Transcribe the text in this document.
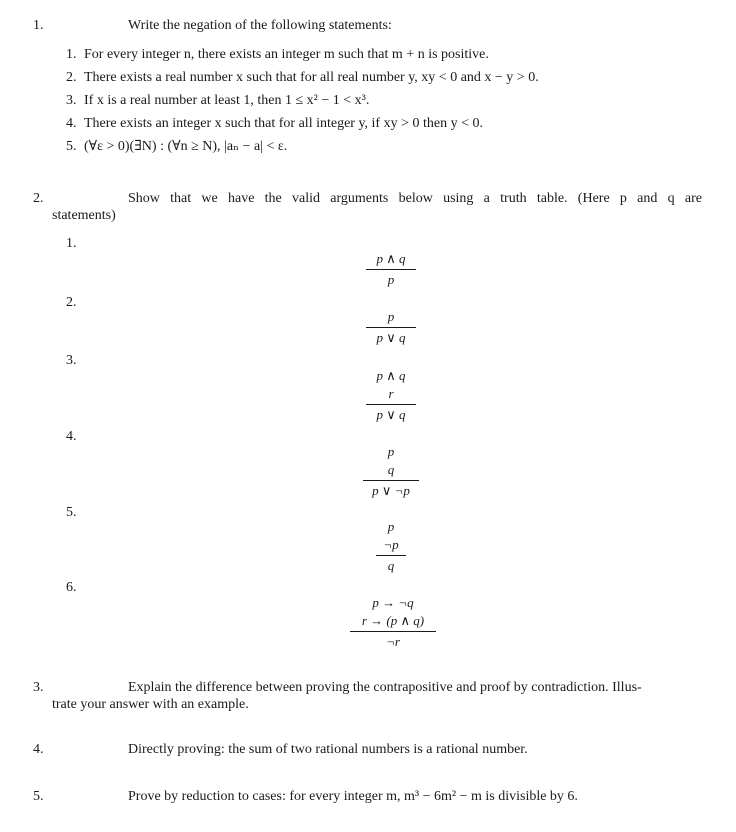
1.	Write the negation of the following statements:
1. For every integer n, there exists an integer m such that m + n is positive.
2. There exists a real number x such that for all real number y, xy < 0 and x − y > 0.
3. If x is a real number at least 1, then 1 ≤ x² − 1 < x³.
4. There exists an integer x such that for all integer y, if xy > 0 then y < 0.
5. (∀ε > 0)(∃N) : (∀n ≥ N), |aₙ − a| < ε.
2.	Show that we have the valid arguments below using a truth table. (Here p and q are
statements)
1.
p ∧ q
p
2.
p
p ∨ q
3.
p ∧ q
r
p ∨ q
4.
p
q
p ∨ ¬p
5.
p
¬p
q
6.
p → ¬q
r → (p ∧ q)
¬r
3.	Explain the difference between proving the contrapositive and proof by contradiction. Illus-
trate your answer with an example.
4.	Directly proving: the sum of two rational numbers is a rational number.
5.	Prove by reduction to cases: for every integer m, m³ − 6m² − m is divisible by 6.
